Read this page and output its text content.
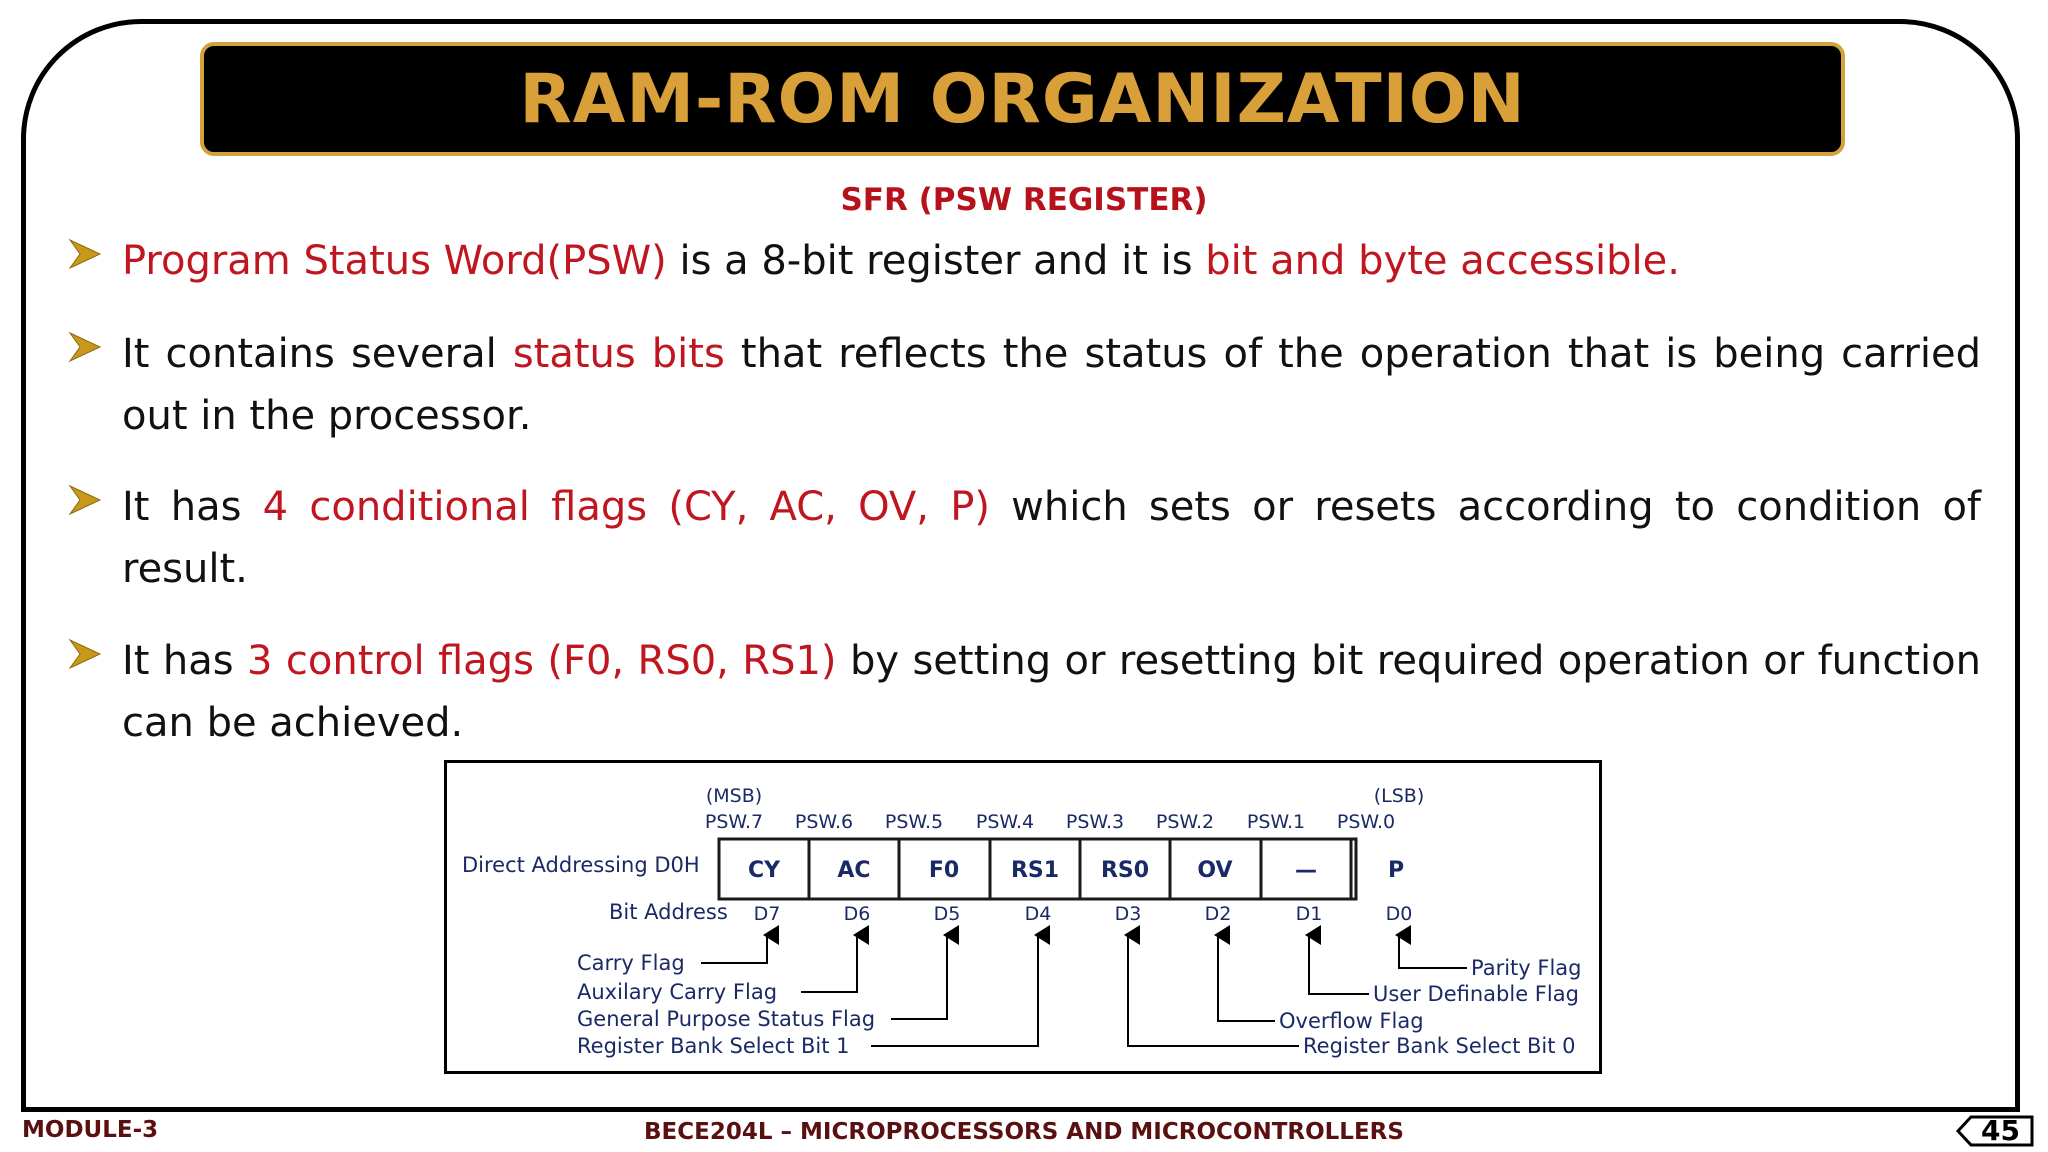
RAM-ROM ORGANIZATION
SFR (PSW REGISTER)
Program Status Word(PSW) is a 8-bit register and it is bit and byte accessible.
It contains several status bits that reflects the status of the operation that is being carried out in the processor.
It has 4 conditional flags (CY, AC, OV, P) which sets or resets according to condition of result.
It has 3 control flags (F0, RS0, RS1) by setting or resetting bit required operation or function can be achieved.
(MSB)	(LSB)
PSW.7 PSW.6 PSW.5 PSW.4 PSW.3 PSW.2 PSW.1 PSW.0
Direct Addressing D0H CY	AC	F0 RS1 RS0 OV	—	P
Bit Address D7	D6	D5	D4	D3	D2	D1	D0
Carry Flag
Auxilary Carry Flag
General Purpose Status Flag
Register Bank Select Bit 1
Parity Flag
User Definable Flag
Overflow Flag
Register Bank Select Bit 0
MODULE-3	BECE204L – MICROPROCESSORS AND MICROCONTROLLERS	45
